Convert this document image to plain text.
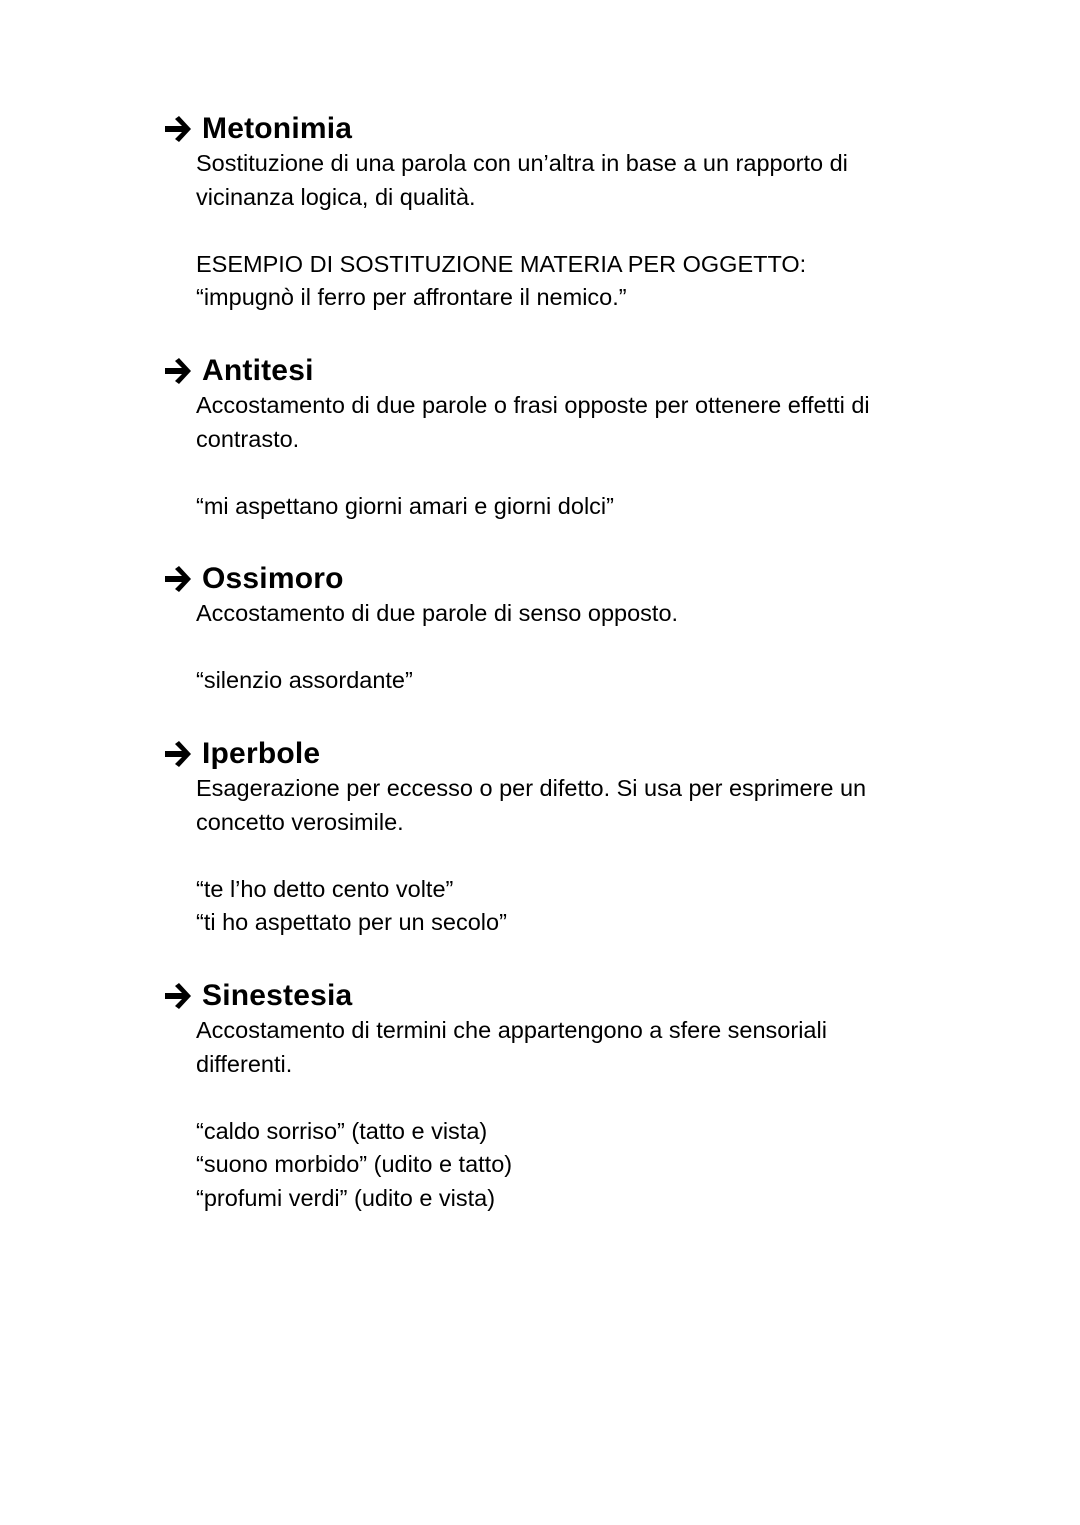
Metonimia
Sostituzione di una parola con un’altra in base a un rapporto di
vicinanza logica, di qualità.
ESEMPIO DI SOSTITUZIONE MATERIA PER OGGETTO:
“impugnò il ferro per affrontare il nemico.”
Antitesi
Accostamento di due parole o frasi opposte per ottenere effetti di
contrasto.
“mi aspettano giorni amari e giorni dolci”
Ossimoro
Accostamento di due parole di senso opposto.
“silenzio assordante”
Iperbole
Esagerazione per eccesso o per difetto. Si usa per esprimere un
concetto verosimile.
“te l’ho detto cento volte”
“ti ho aspettato per un secolo”
Sinestesia
Accostamento di termini che appartengono a sfere sensoriali
differenti.
“caldo sorriso” (tatto e vista)
“suono morbido” (udito e tatto)
“profumi verdi” (udito e vista)
